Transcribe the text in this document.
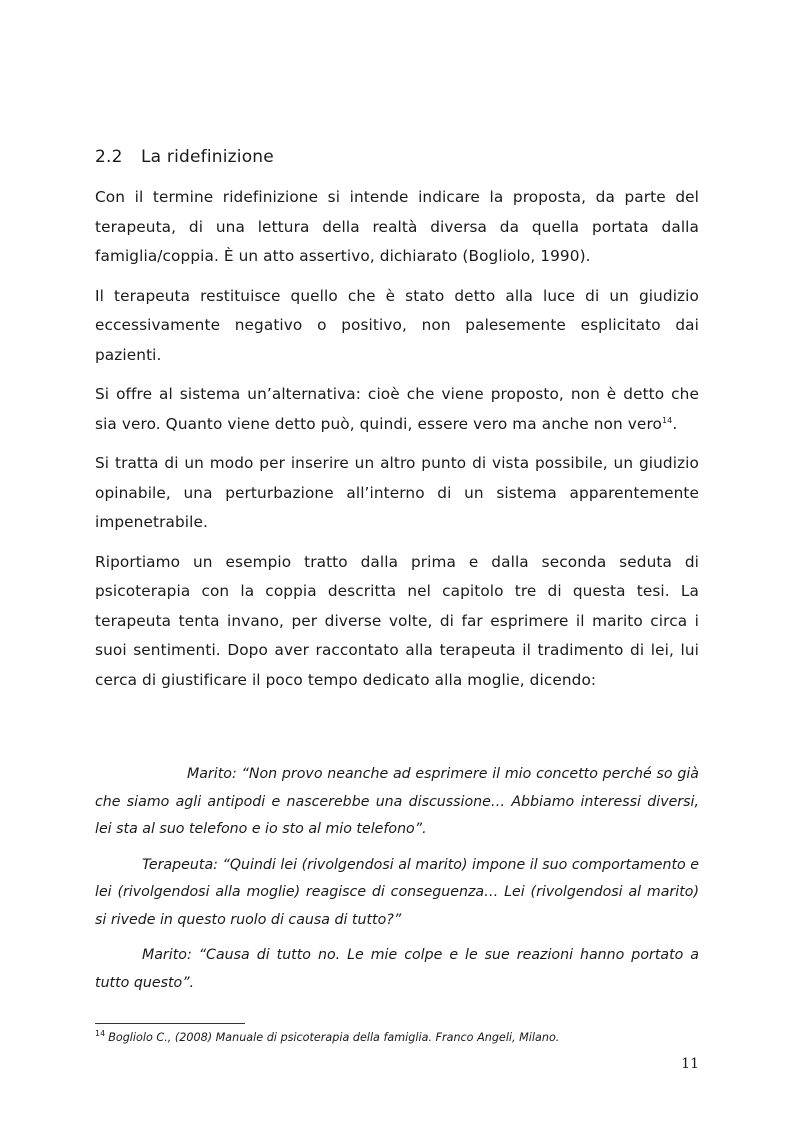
2.2 La ridefinizione

Con il termine ridefinizione si intende indicare la proposta, da parte del terapeuta, di una lettura della realtà diversa da quella portata dalla famiglia/coppia. È un atto assertivo, dichiarato (Bogliolo, 1990).

Il terapeuta restituisce quello che è stato detto alla luce di un giudizio eccessivamente negativo o positivo, non palesemente esplicitato dai pazienti.

Si offre al sistema un’alternativa: cioè che viene proposto, non è detto che sia vero. Quanto viene detto può, quindi, essere vero ma anche non vero$^{14}$.

Si tratta di un modo per inserire un altro punto di vista possibile, un giudizio opinabile, una perturbazione all’interno di un sistema apparentemente impenetrabile.

Riportiamo un esempio tratto dalla prima e dalla seconda seduta di psicoterapia con la coppia descritta nel capitolo tre di questa tesi. La terapeuta tenta invano, per diverse volte, di far esprimere il marito circa i suoi sentimenti. Dopo aver raccontato alla terapeuta il tradimento di lei, lui cerca di giustificare il poco tempo dedicato alla moglie, dicendo:

Marito: “Non provo neanche ad esprimere il mio concetto perché so già che siamo agli antipodi e nascerebbe una discussione… Abbiamo interessi diversi, lei sta al suo telefono e io sto al mio telefono”.

Terapeuta: “Quindi lei (rivolgendosi al marito) impone il suo comportamento e lei (rivolgendosi alla moglie) reagisce di conseguenza… Lei (rivolgendosi al marito) si rivede in questo ruolo di causa di tutto?”

Marito: “Causa di tutto no. Le mie colpe e le sue reazioni hanno portato a tutto questo”.

$^{14}$ Bogliolo C., (2008) Manuale di psicoterapia della famiglia. Franco Angeli, Milano.
11
